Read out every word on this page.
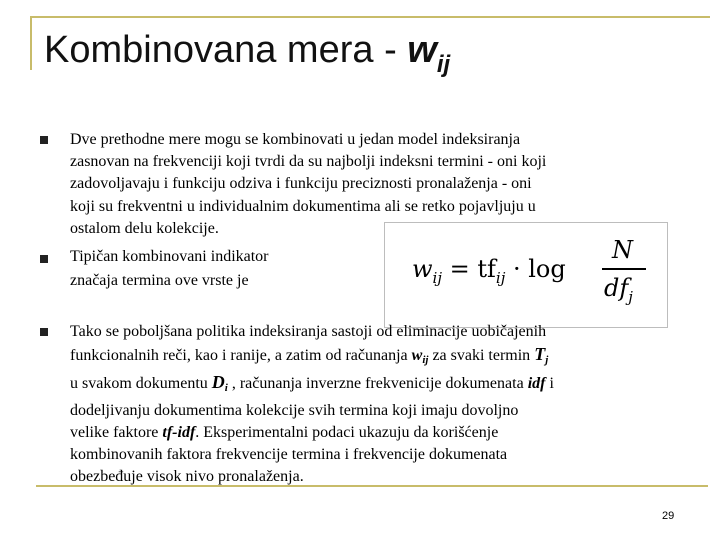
Kombinovana mera - $w_{ij}$
Dve prethodne mere mogu se kombinovati u jedan model indeksiranja
zasnovan na frekvenciji koji tvrdi da su najbolji indeksni termini - oni koji
zadovoljavaju i funkciju odziva i funkciju preciznosti pronalaženja - oni
koji su frekventni u individualnim dokumentima ali se retko pojavljuju u
ostalom delu kolekcije.
Tipičan kombinovani indikator
značaja termina ove vrste je	$w_{ij} = tf_{ij} \cdot \log$
N
$df_j$
Tako se poboljšana politika indeksiranja sastoji od eliminacije uobičajenih
funkcionalnih reči, kao i ranije, a zatim od računanja wij za svaki termin Tj
u svakom dokumentu Di , računanja inverzne frekvenicije dokumenata idf i
dodeljivanju dokumentima kolekcije svih termina koji imaju dovoljno
velike faktore tf-idf. Eksperimentalni podaci ukazuju da korišćenje
kombinovanih faktora frekvencije termina i frekvencije dokumenata
obezbeđuje visok nivo pronalaženja.
29
